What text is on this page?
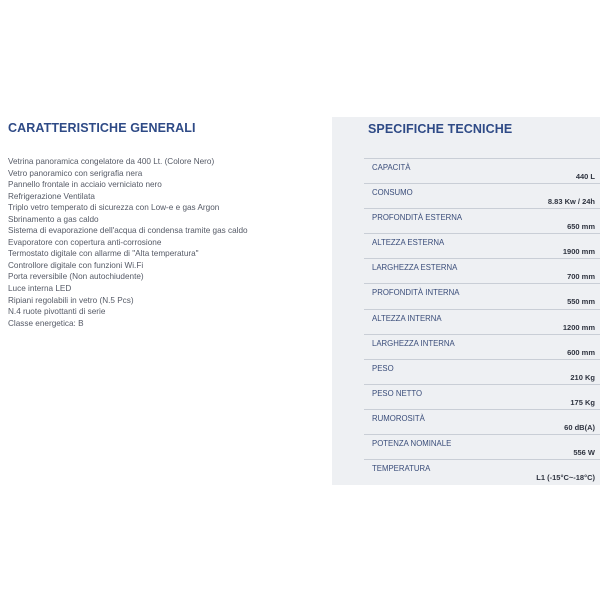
CARATTERISTICHE GENERALI
Vetrina panoramica congelatore da 400 Lt. (Colore Nero)
Vetro panoramico con serigrafia nera
Pannello frontale in acciaio verniciato nero
Refrigerazione Ventilata
Triplo vetro temperato di sicurezza con Low-e e gas Argon
Sbrinamento a gas caldo
Sistema di evaporazione dell'acqua di condensa tramite gas caldo
Evaporatore con copertura anti-corrosione
Termostato digitale con allarme di "Alta temperatura"
Controllore digitale con funzioni Wi.Fi
Porta reversibile (Non autochiudente)
Luce interna LED
Ripiani regolabili in vetro (N.5 Pcs)
N.4 ruote pivottanti di serie
Classe energetica: B
SPECIFICHE TECNICHE
CAPACITÀ
440 L
CONSUMO
8.83 Kw / 24h
PROFONDITÀ ESTERNA
650 mm
ALTEZZA ESTERNA
1900 mm
LARGHEZZA ESTERNA
700 mm
PROFONDITÀ INTERNA
550 mm
ALTEZZA INTERNA
1200 mm
LARGHEZZA INTERNA
600 mm
PESO
210 Kg
PESO NETTO
175 Kg
RUMOROSITÀ
60 dB(A)
POTENZA NOMINALE
556 W
TEMPERATURA
L1 (-15°C~-18°C)
